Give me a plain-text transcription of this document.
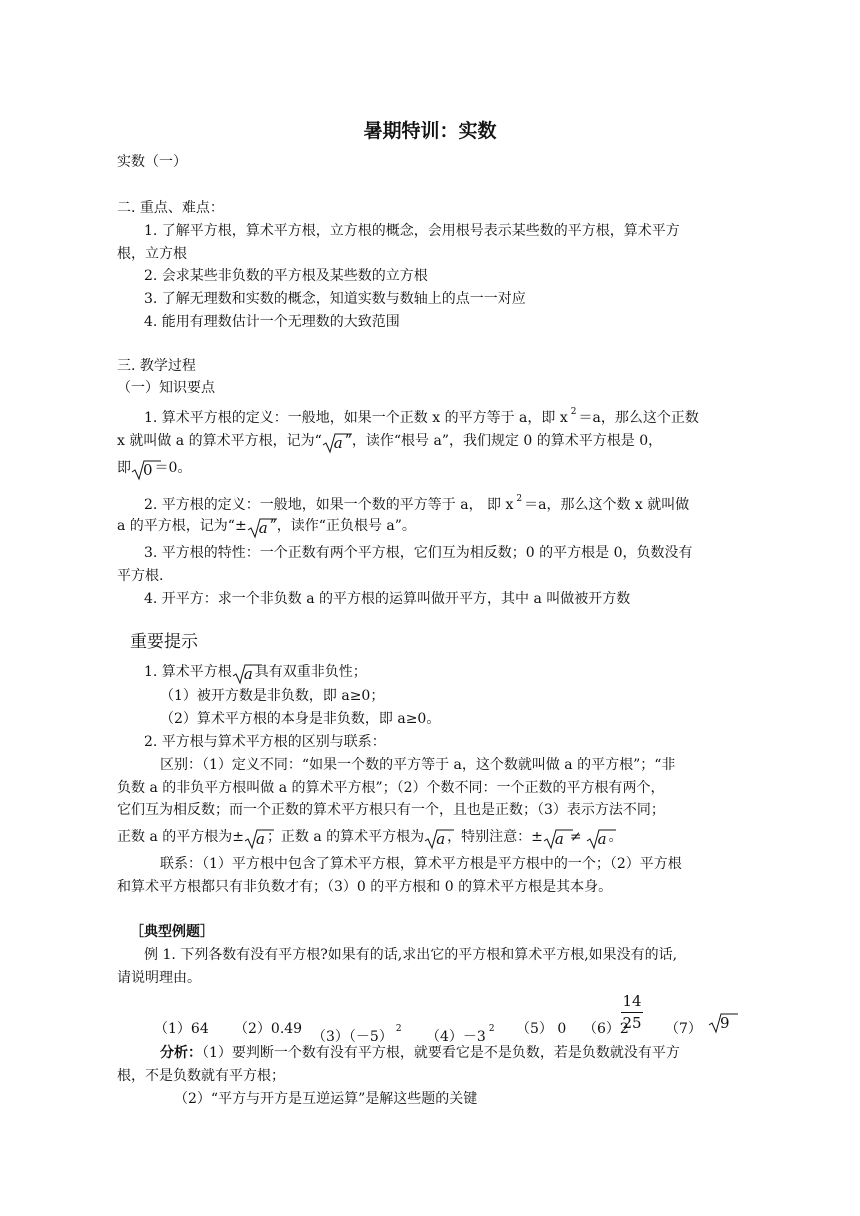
暑期特训：实数
实数（一）
二. 重点、难点：
1. 了解平方根，算术平方根，立方根的概念，会用根号表示某些数的平方根，算术平方
根，立方根
2. 会求某些非负数的平方根及某些数的立方根
3. 了解无理数和实数的概念，知道实数与数轴上的点一一对应
4. 能用有理数估计一个无理数的大致范围
三. 教学过程
（一）知识要点
1. 算术平方根的定义：一般地，如果一个正数 x 的平方等于 a，即 x $^2$ ＝a，那么这个正数
x 就叫做 a 的算术平方根，记为“ a ”，读作“根号 a”，我们规定 0 的算术平方根是 0，
即 0 ＝0。
2. 平方根的定义：一般地，如果一个数的平方等于 a， 即 x $^2$ ＝a，那么这个数 x 就叫做
a 的平方根，记为“± a ”，读作“正负根号 a”。
3. 平方根的特性：一个正数有两个平方根，它们互为相反数；0 的平方根是 0，负数没有
平方根.
4. 开平方：求一个非负数 a 的平方根的运算叫做开平方，其中 a 叫做被开方数
重要提示
1. 算术平方根 a 具有双重非负性；
（1）被开方数是非负数，即 a≥0；
（2）算术平方根的本身是非负数，即 a≥0。
2. 平方根与算术平方根的区别与联系：
区别：（1）定义不同：“如果一个数的平方等于 a，这个数就叫做 a 的平方根”；“非
负数 a 的非负平方根叫做 a 的算术平方根”；（2）个数不同：一个正数的平方根有两个，
它们互为相反数；而一个正数的算术平方根只有一个，且也是正数；（3）表示方法不同；
正数 a 的平方根为± a ；正数 a 的算术平方根为 a ，特别注意：± a ≠ a 。
联系：（1）平方根中包含了算术平方根，算术平方根是平方根中的一个；（2）平方根
和算术平方根都只有非负数才有；（3）0 的平方根和 0 的算术平方根是其本身。
［典型例题］
例 1. 下列各数有没有平方根?如果有的话,求出它的平方根和算术平方根,如果没有的话,
请说明理由。
（1）64 （2）0.49 （3）（－5） $^2$ （4）－3 $^2$ （5） 0 （6）2
14
25 （7）	9
分析：（1）要判断一个数有没有平方根，就要看它是不是负数，若是负数就没有平方
根，不是负数就有平方根；
（2）“平方与开方是互逆运算”是解这些题的关键
